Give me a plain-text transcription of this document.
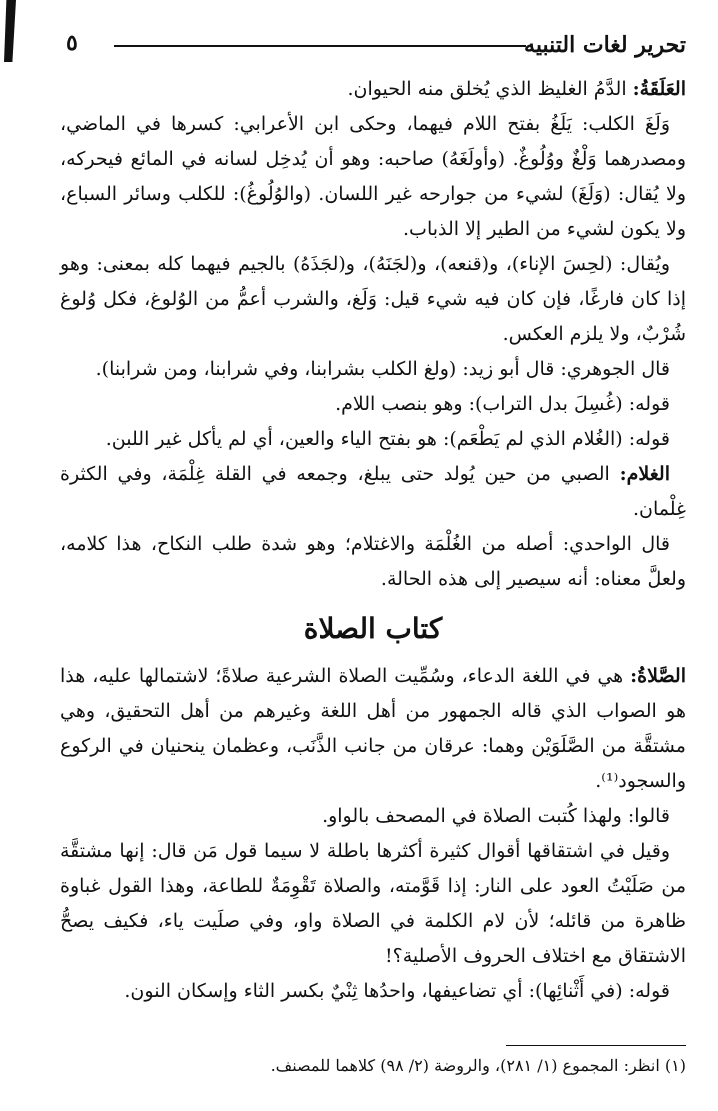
تحرير لغات التنبيه
٥

العَلَقَةُ: الدَّمُ الغليظ الذي يُخلق منه الحيوان.

وَلَغَ الكلب: يَلَغُ بفتح اللام فيهما، وحكى ابن الأعرابي: كسرها في الماضي، ومصدرهما وَلْغٌ ووُلُوغٌ. (وأولَغَهُ) صاحبه: وهو أن يُدخِل لسانه في المائع فيحركه، ولا يُقال: (وَلَغَ) لشيء من جوارحه غير اللسان. (والوُلُوغُ): للكلب وسائر السباع، ولا يكون لشيء من الطير إلا الذباب.

ويُقال: (لحِسَ الإناء)، و(قنعه)، و(لجَنَهُ)، و(لجَذَهُ) بالجيم فيهما كله بمعنى: وهو إذا كان فارغًا، فإن كان فيه شيء قيل: وَلَغ، والشرب أعمُّ من الوُلوغ، فكل وُلوغ شُرْبٌ، ولا يلزم العكس.

قال الجوهري: قال أبو زيد: (ولغ الكلب بشرابنا، وفي شرابنا، ومن شرابنا).

قوله: (غُسِلَ بدل التراب): وهو بنصب اللام.

قوله: (الغُلام الذي لم يَطْعَم): هو بفتح الياء والعين، أي لم يأكل غير اللبن.

الغلام: الصبي من حين يُولد حتى يبلغ، وجمعه في القلة غِلْمَة، وفي الكثرة غِلْمان.

قال الواحدي: أصله من الغُلْمَة والاغتلام؛ وهو شدة طلب النكاح، هذا كلامه، ولعلَّ معناه: أنه سيصير إلى هذه الحالة.

كتاب الصلاة

الصَّلاةُ: هي في اللغة الدعاء، وسُمِّيت الصلاة الشرعية صلاةً؛ لاشتمالها عليه، هذا هو الصواب الذي قاله الجمهور من أهل اللغة وغيرهم من أهل التحقيق، وهي مشتقَّة من الصَّلَوَيْن وهما: عرقان من جانب الذَّنَب، وعظمان ينحنيان في الركوع والسجود⁽¹⁾.

قالوا: ولهذا كُتبت الصلاة في المصحف بالواو.

وقيل في اشتقاقها أقوال كثيرة أكثرها باطلة لا سيما قول مَن قال: إنها مشتقَّة من صَلَيْتُ العود على النار: إذا قَوَّمته، والصلاة تَقْوِمَةٌ للطاعة، وهذا القول غباوة ظاهرة من قائله؛ لأن لام الكلمة في الصلاة واو، وفي صلَيت ياء، فكيف يصحُّ الاشتقاق مع اختلاف الحروف الأصلية؟!

قوله: (في أَثْنائِها): أي تضاعيفها، واحدُها ثِنْيٌ بكسر الثاء وإسكان النون.

(١) انظر: المجموع (١/ ٢٨١)، والروضة (٢/ ٩٨) كلاهما للمصنف.
